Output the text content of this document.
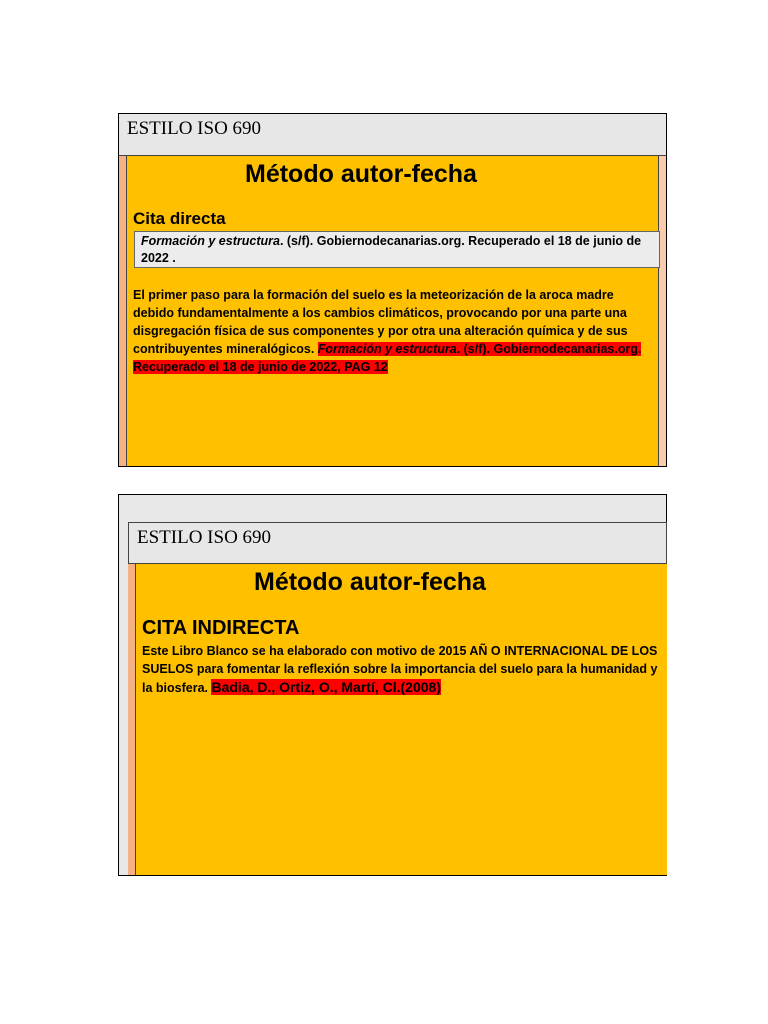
ESTILO ISO 690
Método autor-fecha
Cita directa
Formación y estructura. (s/f). Gobiernodecanarias.org. Recuperado el 18 de junio de 2022 .
El primer paso para la formación del suelo es la meteorización de la aroca madre debido fundamentalmente a los cambios climáticos, provocando por una parte una disgregación física de sus componentes y por otra una alteración química y de sus contribuyentes mineralógicos. Formación y estructura. (s/f). Gobiernodecanarias.org. Recuperado el 18 de junio de 2022, PAG 12
ESTILO ISO 690
Método autor-fecha
CITA INDIRECTA
Este Libro Blanco se ha elaborado con motivo de 2015 AÑ O INTERNACIONAL DE LOS SUELOS para fomentar la reflexión sobre la importancia del suelo para la humanidad y la biosfera. Badia, D., Ortiz, O., Martí, Cl.(2008)
